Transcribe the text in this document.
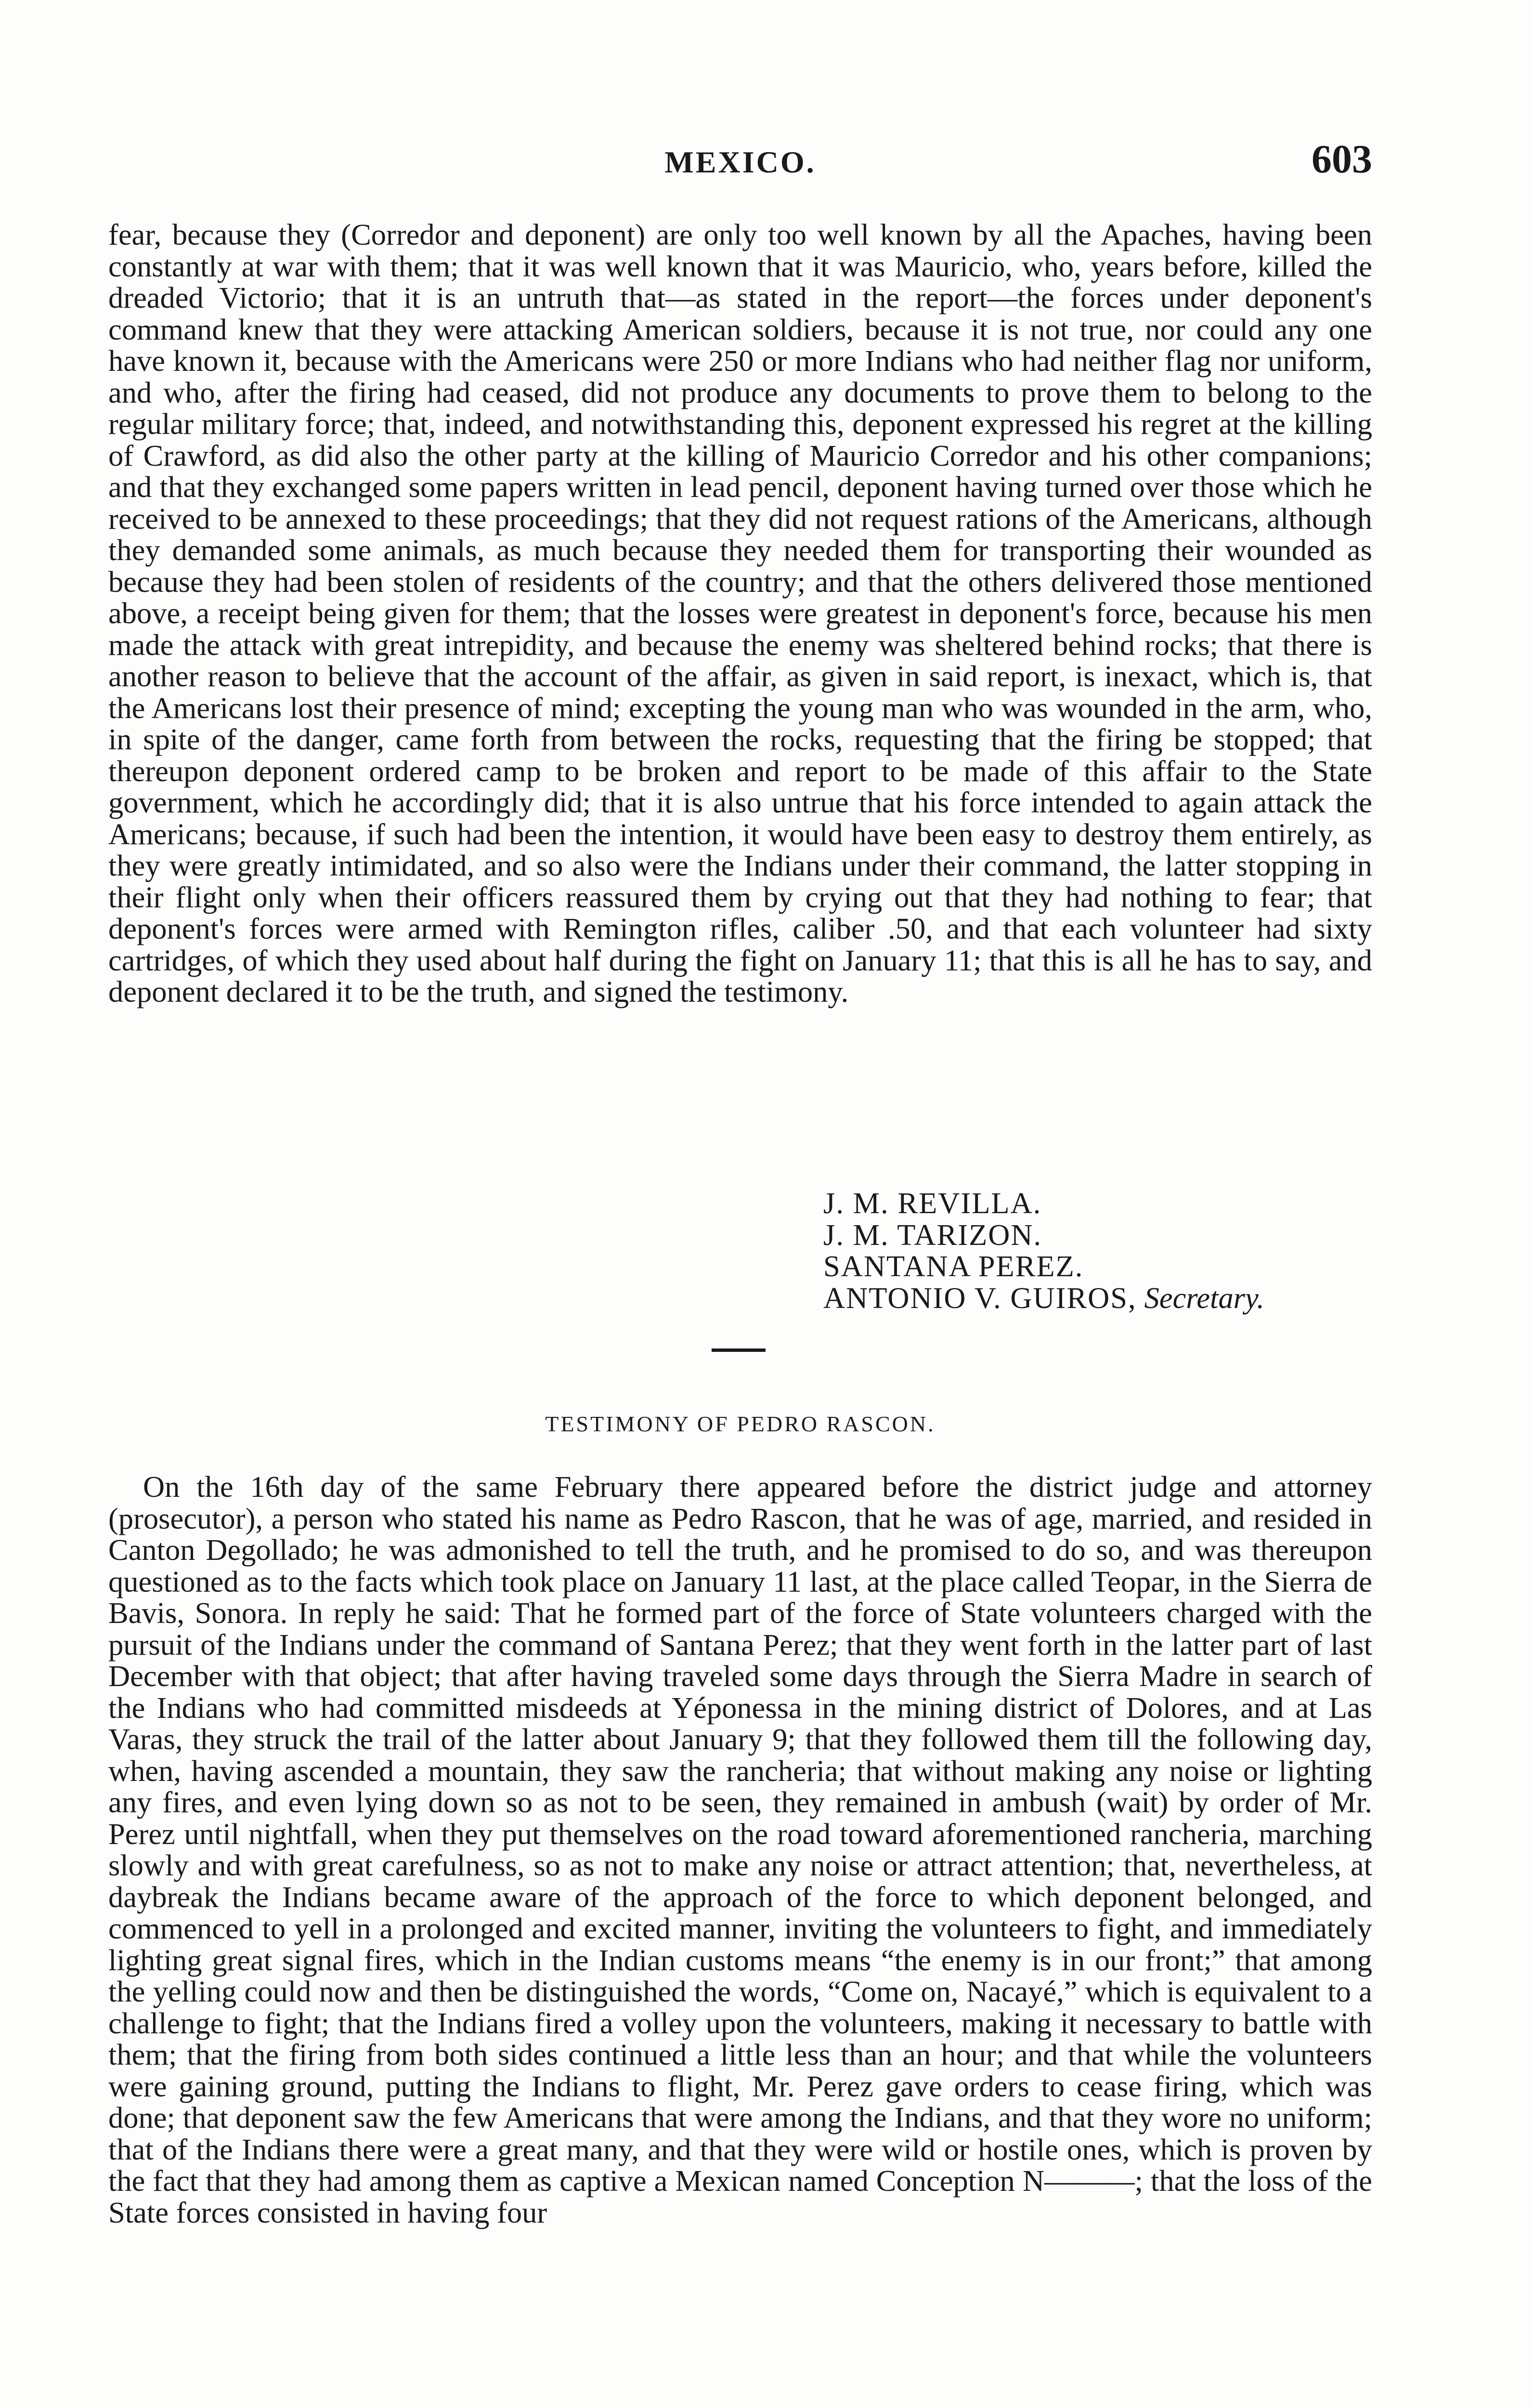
MEXICO.	603

fear, because they (Corredor and deponent) are only too well known by all the Apaches, having been constantly at war with them; that it was well known that it was Mauricio, who, years before, killed the dreaded Victorio; that it is an untruth that—as stated in the report—the forces under deponent's command knew that they were attacking American soldiers, because it is not true, nor could any one have known it, because with the Americans were 250 or more Indians who had neither flag nor uniform, and who, after the firing had ceased, did not produce any documents to prove them to belong to the regular military force; that, indeed, and notwithstanding this, deponent expressed his regret at the killing of Crawford, as did also the other party at the killing of Mauricio Corredor and his other companions; and that they exchanged some papers written in lead pencil, deponent having turned over those which he received to be annexed to these proceedings; that they did not request rations of the Americans, although they demanded some animals, as much because they needed them for transporting their wounded as because they had been stolen of residents of the country; and that the others delivered those mentioned above, a receipt being given for them; that the losses were greatest in deponent's force, because his men made the attack with great intrepidity, and because the enemy was sheltered behind rocks; that there is another reason to believe that the account of the affair, as given in said report, is inexact, which is, that the Americans lost their presence of mind; excepting the young man who was wounded in the arm, who, in spite of the danger, came forth from between the rocks, requesting that the firing be stopped; that thereupon deponent ordered camp to be broken and report to be made of this affair to the State government, which he accordingly did; that it is also untrue that his force intended to again attack the Americans; because, if such had been the intention, it would have been easy to destroy them entirely, as they were greatly intimidated, and so also were the Indians under their command, the latter stopping in their flight only when their officers reassured them by crying out that they had nothing to fear; that deponent's forces were armed with Remington rifles, caliber .50, and that each volunteer had sixty cartridges, of which they used about half during the fight on January 11; that this is all he has to say, and deponent declared it to be the truth, and signed the testimony.

J. M. REVILLA.
J. M. TARIZON.
SANTANA PEREZ.
ANTONIO V. GUIROS, Secretary.
TESTIMONY OF PEDRO RASCON.

On the 16th day of the same February there appeared before the district judge and attorney (prosecutor), a person who stated his name as Pedro Rascon, that he was of age, married, and resided in Canton Degollado; he was admonished to tell the truth, and he promised to do so, and was thereupon questioned as to the facts which took place on January 11 last, at the place called Teopar, in the Sierra de Bavis, Sonora. In reply he said: That he formed part of the force of State volunteers charged with the pursuit of the Indians under the command of Santana Perez; that they went forth in the latter part of last December with that object; that after having traveled some days through the Sierra Madre in search of the Indians who had committed misdeeds at Yéponessa in the mining district of Dolores, and at Las Varas, they struck the trail of the latter about January 9; that they followed them till the following day, when, having ascended a mountain, they saw the rancheria; that without making any noise or lighting any fires, and even lying down so as not to be seen, they remained in ambush (wait) by order of Mr. Perez until nightfall, when they put themselves on the road toward aforementioned rancheria, marching slowly and with great carefulness, so as not to make any noise or attract attention; that, nevertheless, at daybreak the Indians became aware of the approach of the force to which deponent belonged, and commenced to yell in a prolonged and excited manner, inviting the volunteers to fight, and immediately lighting great signal fires, which in the Indian customs means “the enemy is in our front;” that among the yelling could now and then be distinguished the words, “Come on, Nacayé,” which is equivalent to a challenge to fight; that the Indians fired a volley upon the volunteers, making it necessary to battle with them; that the firing from both sides continued a little less than an hour; and that while the volunteers were gaining ground, putting the Indians to flight, Mr. Perez gave orders to cease firing, which was done; that deponent saw the few Americans that were among the Indians, and that they wore no uniform; that of the Indians there were a great many, and that they were wild or hostile ones, which is proven by the fact that they had among them as captive a Mexican named Conception N———; that the loss of the State forces consisted in having four
